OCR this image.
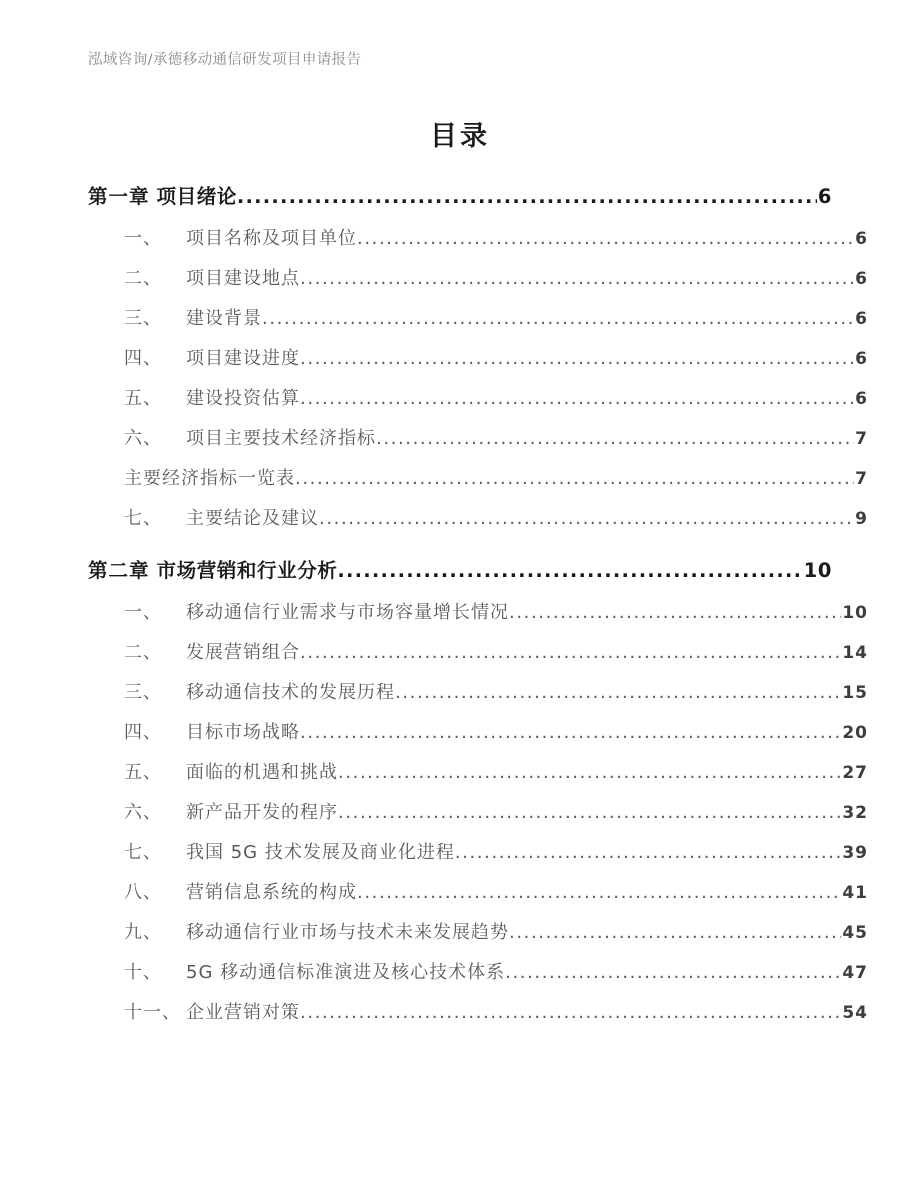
泓域咨询/承德移动通信研发项目申请报告
目录
第一章 项目绪论 .....	6
一、	项目名称及项目单位 .....	6
二、	项目建设地点 .....	6
三、	建设背景 .....	6
四、	项目建设进度 .....	6
五、	建设投资估算 .....	6
六、	项目主要技术经济指标 .....	7
主要经济指标一览表 .....	7
七、	主要结论及建议 .....	9
第二章 市场营销和行业分析 .....	10
一、	移动通信行业需求与市场容量增长情况 .....	10
二、	发展营销组合 .....	14
三、	移动通信技术的发展历程 .....	15
四、	目标市场战略 .....	20
五、	面临的机遇和挑战 .....	27
六、	新产品开发的程序 .....	32
七、	我国 5G 技术发展及商业化进程 .....	39
八、	营销信息系统的构成 .....	41
九、	移动通信行业市场与技术未来发展趋势 .....	45
十、	5G 移动通信标准演进及核心技术体系 .....	47
十一、 企业营销对策 .....	54
